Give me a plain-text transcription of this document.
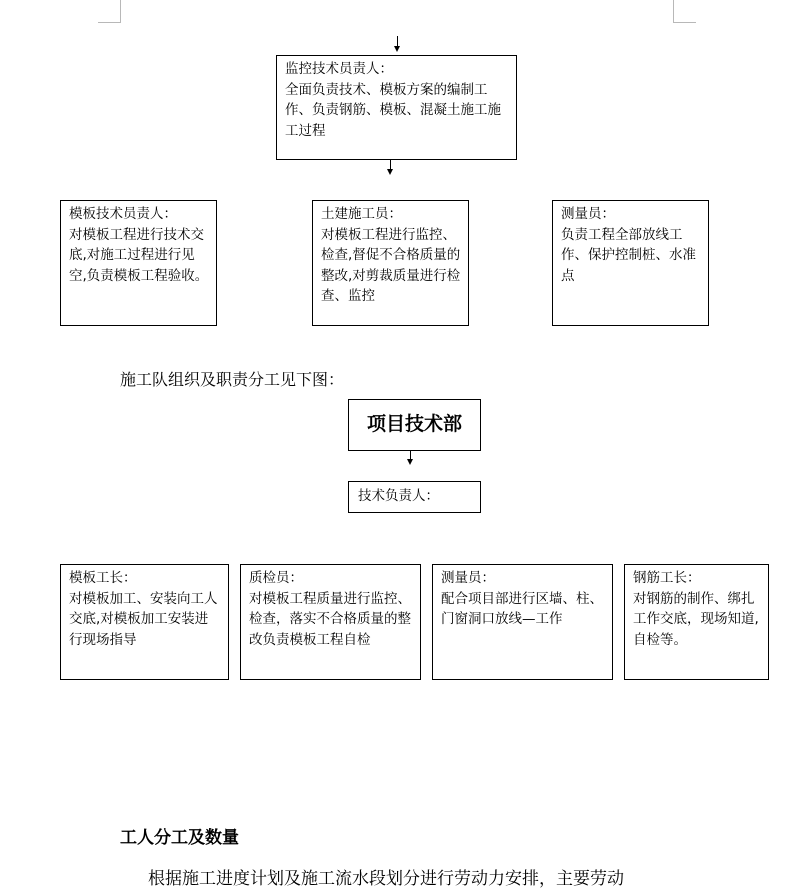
监控技术员责人：
全面负责技术、模板方案的编制工作、负责钢筋、模板、混凝土施工施工过程
模板技术员责人：
对模板工程进行技术交底,对施工过程进行见空,负责模板工程验收。
土建施工员：
对模板工程进行监控、检查,督促不合格质量的整改,对剪裁质量进行检查、监控
测量员：
负责工程全部放线工作、保护控制桩、水准点
施工队组织及职责分工见下图：
项目技术部
技术负责人：
模板工长：
对模板加工、安装向工人交底,对模板加工安装进行现场指导
质检员：
对模板工程质量进行监控、检查，落实不合格质量的整改负责模板工程自检
测量员：
配合项目部进行区墙、柱、门窗洞口放线—工作
钢筋工长：
对钢筋的制作、绑扎工作交底，现场知道,自检等。
工人分工及数量
根据施工进度计划及施工流水段划分进行劳动力安排，主要劳动
